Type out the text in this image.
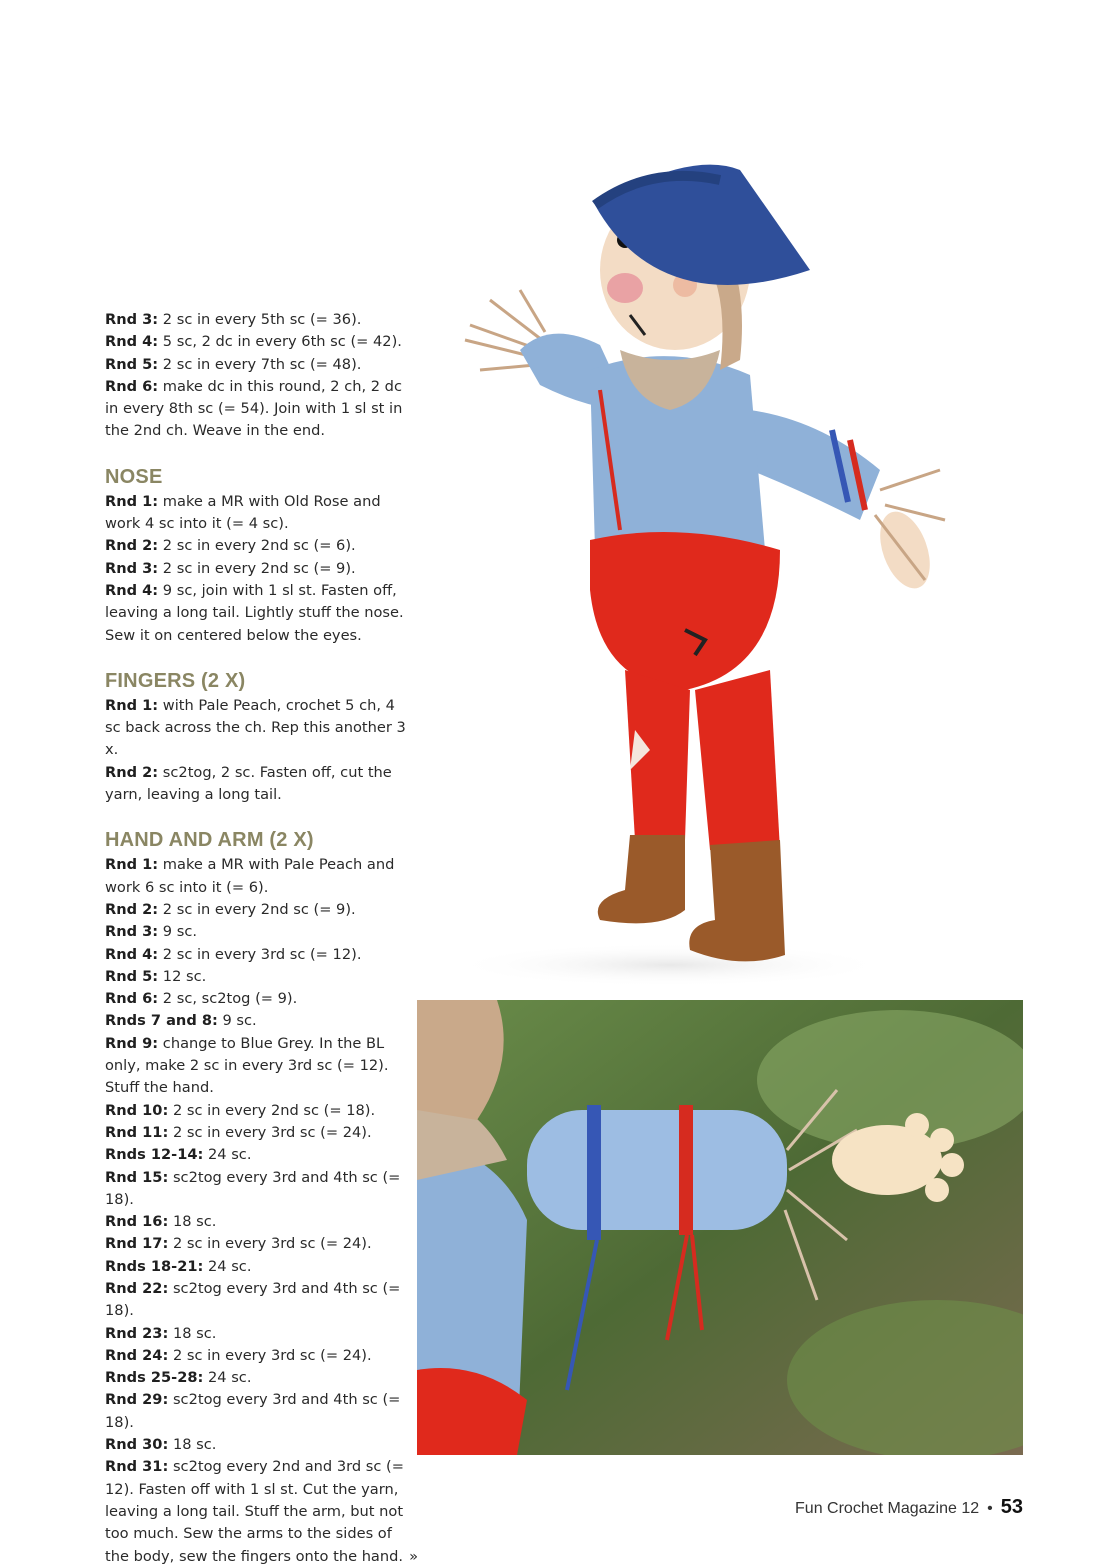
Rnd 3: 2 sc in every 5th sc (= 36).

Rnd 4: 5 sc, 2 dc in every 6th sc (= 42).

Rnd 5: 2 sc in every 7th sc (= 48).

Rnd 6: make dc in this round, 2 ch, 2 dc in every 8th sc (= 54). Join with 1 sl st in the 2nd ch. Weave in the end.

NOSE

Rnd 1: make a MR with Old Rose and work 4 sc into it (= 4 sc).

Rnd 2: 2 sc in every 2nd sc (= 6).

Rnd 3: 2 sc in every 2nd sc (= 9).

Rnd 4: 9 sc, join with 1 sl st. Fasten off, leaving a long tail. Lightly stuff the nose. Sew it on centered below the eyes.

FINGERS (2 X)

Rnd 1: with Pale Peach, crochet 5 ch, 4 sc back across the ch. Rep this another 3 x.

Rnd 2: sc2tog, 2 sc. Fasten off, cut the yarn, leaving a long tail.

HAND AND ARM (2 X)

Rnd 1: make a MR with Pale Peach and work 6 sc into it (= 6).

Rnd 2: 2 sc in every 2nd sc (= 9).

Rnd 3: 9 sc.

Rnd 4: 2 sc in every 3rd sc (= 12).

Rnd 5: 12 sc.

Rnd 6: 2 sc, sc2tog (= 9).

Rnds 7 and 8: 9 sc.

Rnd 9: change to Blue Grey. In the BL only, make 2 sc in every 3rd sc (= 12). Stuff the hand.

Rnd 10: 2 sc in every 2nd sc (= 18).

Rnd 11: 2 sc in every 3rd sc (= 24).

Rnds 12-14: 24 sc.

Rnd 15: sc2tog every 3rd and 4th sc (= 18).

Rnd 16: 18 sc.

Rnd 17: 2 sc in every 3rd sc (= 24).

Rnds 18-21: 24 sc.

Rnd 22: sc2tog every 3rd and 4th sc (= 18).

Rnd 23: 18 sc.

Rnd 24: 2 sc in every 3rd sc (= 24).

Rnds 25-28: 24 sc.

Rnd 29: sc2tog every 3rd and 4th sc (= 18).

Rnd 30: 18 sc.

Rnd 31: sc2tog every 2nd and 3rd sc (= 12). Fasten off with 1 sl st. Cut the yarn, leaving a long tail. Stuff the arm, but not too much. Sew the arms to the sides of the body, sew the fingers onto the hand. »
Fun Crochet Magazine 12 • 53
